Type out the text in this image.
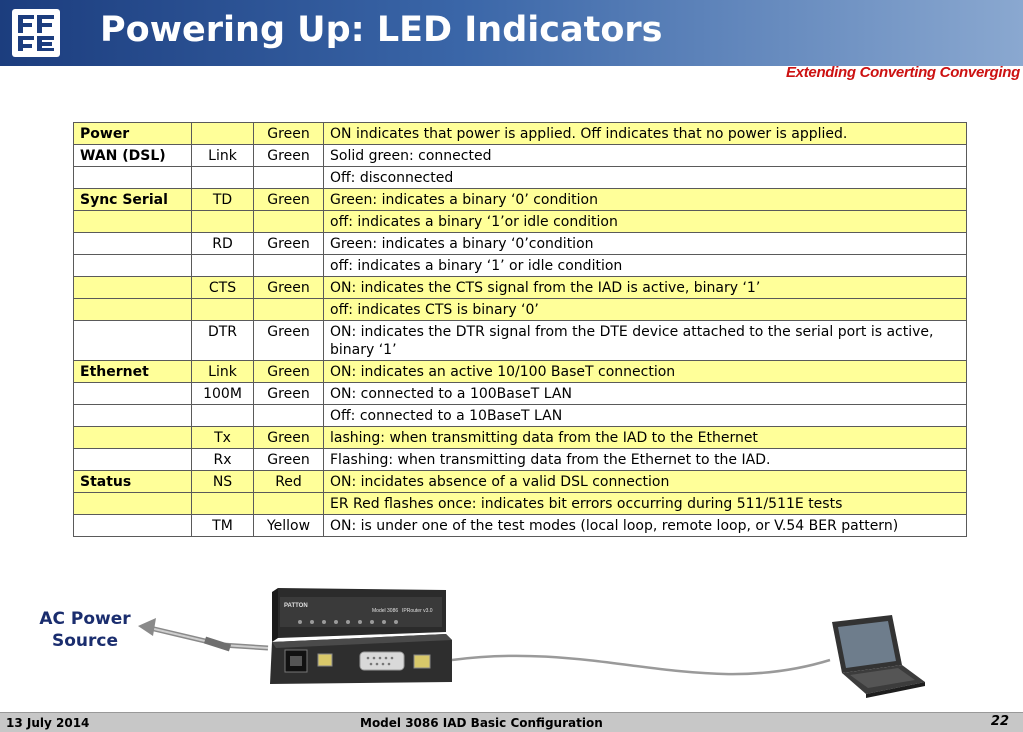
Powering Up: LED Indicators
Extending Converting Converging
Power		Green	ON indicates that power is applied. Off indicates that no power is applied.
WAN (DSL)	Link	Green	Solid green: connected
			Off: disconnected
Sync Serial	TD	Green	Green: indicates a binary ‘0’ condition
			off: indicates a binary ‘1’or idle condition
	RD	Green	Green: indicates a binary ‘0’condition
			off: indicates a binary ‘1’ or idle condition
	CTS	Green	ON: indicates the CTS signal from the IAD is active, binary ‘1’
			off: indicates CTS is binary ‘0’
	DTR	Green	ON: indicates the DTR signal from the DTE device attached to the serial port is active, binary ‘1’
Ethernet	Link	Green	ON: indicates an active 10/100 BaseT connection
	100M	Green	ON: connected to a 100BaseT LAN
			Off: connected to a 10BaseT LAN
	Tx	Green	lashing: when transmitting data from the IAD to the Ethernet
	Rx	Green	Flashing: when transmitting data from the Ethernet to the IAD.
Status	NS	Red	ON: incidates absence of a valid DSL connection
			ER Red flashes once: indicates bit errors occurring during 511/511E tests
	TM	Yellow	ON: is under one of the test modes (local loop, remote loop, or V.54 BER pattern)
PATTON
Model 3086 IPRouter v3.0
AC Power
Source
13 July 2014	Model 3086 IAD Basic Configuration	22
